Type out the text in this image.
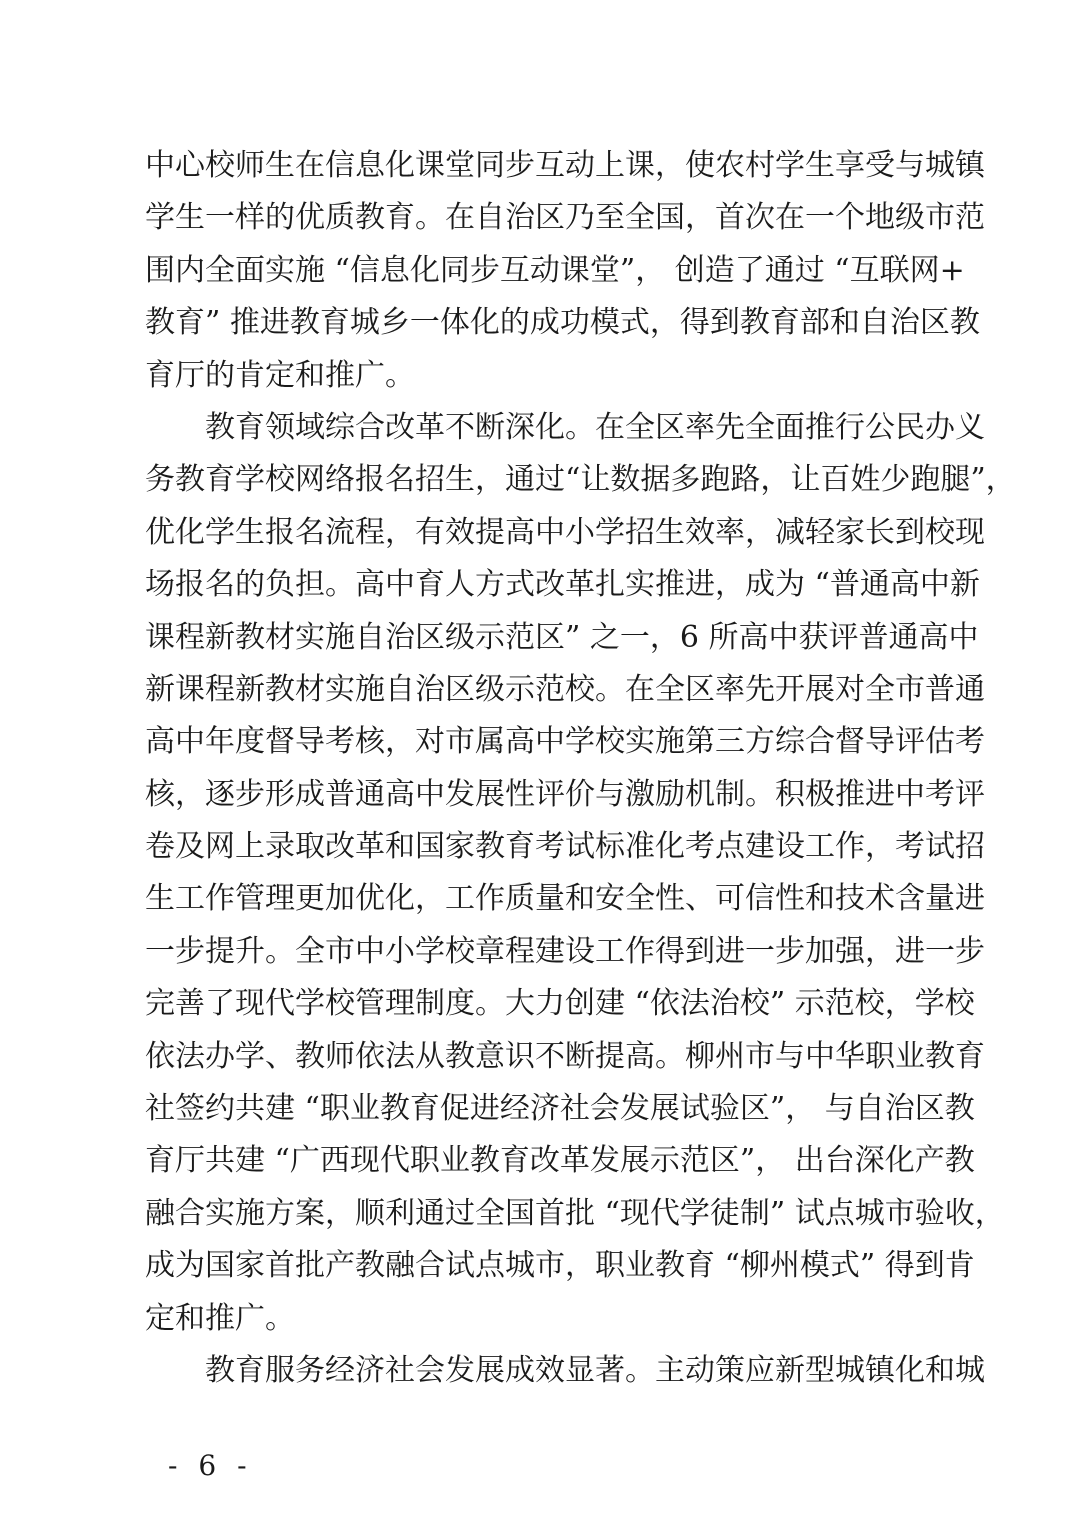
中心校师生在信息化课堂同步互动上课，使农村学生享受与城镇
学生一样的优质教育。在自治区乃至全国，首次在一个地级市范
围内全面实施 “信息化同步互动课堂”， 创造了通过 “互联网+
教育” 推进教育城乡一体化的成功模式，得到教育部和自治区教
育厅的肯定和推广。
　　教育领域综合改革不断深化。在全区率先全面推行公民办义
务教育学校网络报名招生，通过“让数据多跑路，让百姓少跑腿”，
优化学生报名流程，有效提高中小学招生效率，减轻家长到校现
场报名的负担。高中育人方式改革扎实推进，成为 “普通高中新
课程新教材实施自治区级示范区” 之一，6 所高中获评普通高中
新课程新教材实施自治区级示范校。在全区率先开展对全市普通
高中年度督导考核，对市属高中学校实施第三方综合督导评估考
核，逐步形成普通高中发展性评价与激励机制。积极推进中考评
卷及网上录取改革和国家教育考试标准化考点建设工作，考试招
生工作管理更加优化，工作质量和安全性、可信性和技术含量进
一步提升。全市中小学校章程建设工作得到进一步加强，进一步
完善了现代学校管理制度。大力创建 “依法治校” 示范校，学校
依法办学、教师依法从教意识不断提高。柳州市与中华职业教育
社签约共建 “职业教育促进经济社会发展试验区”， 与自治区教
育厅共建 “广西现代职业教育改革发展示范区”， 出台深化产教
融合实施方案，顺利通过全国首批 “现代学徒制” 试点城市验收，
成为国家首批产教融合试点城市，职业教育 “柳州模式” 得到肯
定和推广。
　　教育服务经济社会发展成效显著。主动策应新型城镇化和城
- 6 -
